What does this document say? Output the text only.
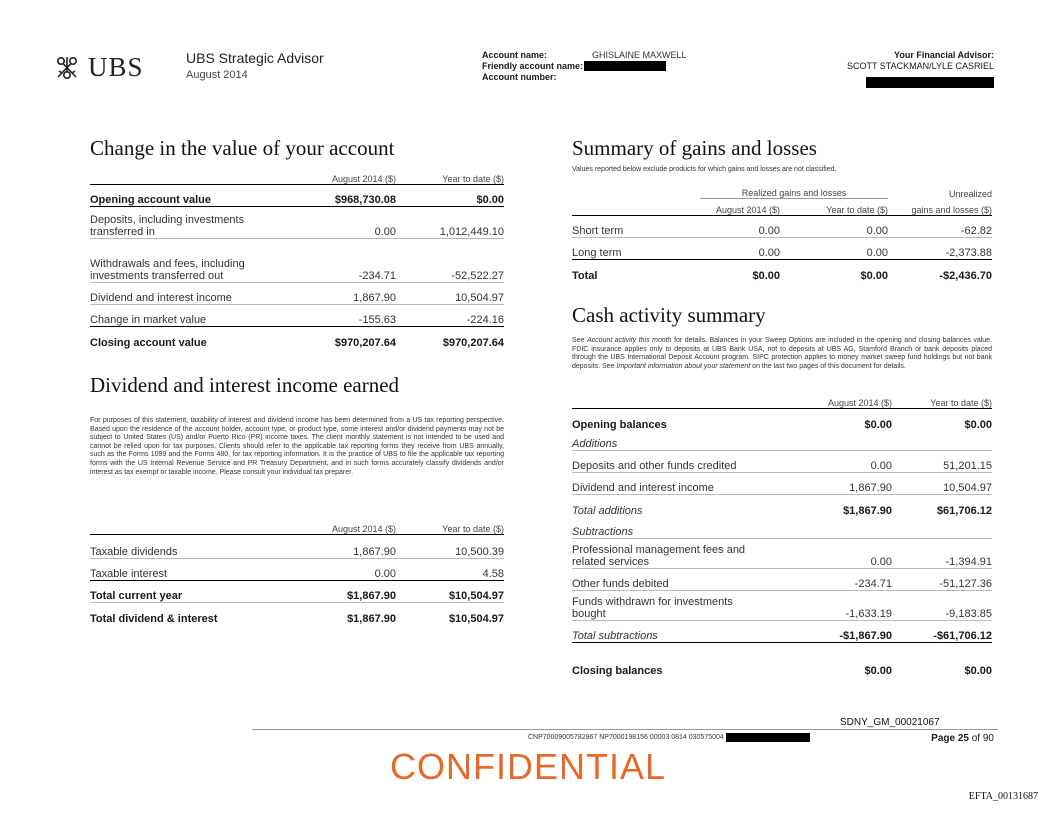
UBS	UBS Strategic Advisor
August 2014
Account name:	GHISLAINE MAXWELL
Friendly account name:
Account number:
Your Financial Advisor:
SCOTT STACKMAN/LYLE CASRIEL
Change in the value of your account
	August 2014 ($)	Year to date ($)
Opening account value	$968,730.08	$0.00
Deposits, including investments transferred in	0.00	1,012,449.10
Withdrawals and fees, including investments transferred out	-234.71	-52,522.27
Dividend and interest income	1,867.90	10,504.97
Change in market value	-155.63	-224.16
Closing account value	$970,207.64	$970,207.64
Dividend and interest income earned
For purposes of this statement, taxability of interest and dividend income has been determined from a US tax reporting perspective. Based upon the residence of the account holder, account type, or product type, some interest and/or dividend payments may not be subject to United States (US) and/or Puerto Rico (PR) income taxes. The client monthly statement is not intended to be used and cannot be relied upon for tax purposes. Clients should refer to the applicable tax reporting forms they receive from UBS annually, such as the Forms 1099 and the Forms 480, for tax reporting information. It is the practice of UBS to file the applicable tax reporting forms with the US Internal Revenue Service and PR Treasury Department, and in such forms accurately classify dividends and/or interest as tax exempt or taxable income. Please consult your individual tax preparer.
	August 2014 ($)	Year to date ($)
Taxable dividends	1,867.90	10,500.39
Taxable interest	0.00	4.58
Total current year	$1,867.90	$10,504.97
Total dividend & interest	$1,867.90	$10,504.97
Summary of gains and losses
Values reported below exclude products for which gains and losses are not classified.
	Realized gains and losses		Unrealized
	August 2014 ($)	Year to date ($)	gains and losses ($)
Short term	0.00	0.00	-62.82
Long term	0.00	0.00	-2,373.88
Total	$0.00	$0.00	-$2,436.70
Cash activity summary
See Account activity this month for details. Balances in your Sweep Options are included in the opening and closing balances value. FDIC insurance applies only to deposits at UBS Bank USA, not to deposits at UBS AG, Stamford Branch or bank deposits placed through the UBS International Deposit Account program. SIPC protection applies to money market sweep fund holdings but not bank deposits. See Important information about your statement on the last two pages of this document for details.
	August 2014 ($)	Year to date ($)
Opening balances	$0.00	$0.00
Additions		
Deposits and other funds credited	0.00	51,201.15
Dividend and interest income	1,867.90	10,504.97
Total additions	$1,867.90	$61,706.12
Subtractions		
Professional management fees and related services	0.00	-1,394.91
Other funds debited	-234.71	-51,127.36
Funds withdrawn for investments bought	-1,633.19	-9,183.85
Total subtractions	-$1,867.90	-$61,706.12
Closing balances	$0.00	$0.00
SDNY_GM_00021067
CNP70009005782967 NP7000198156 00003 0814 030575004	Page 25 of 90
CONFIDENTIAL
EFTA_00131687
